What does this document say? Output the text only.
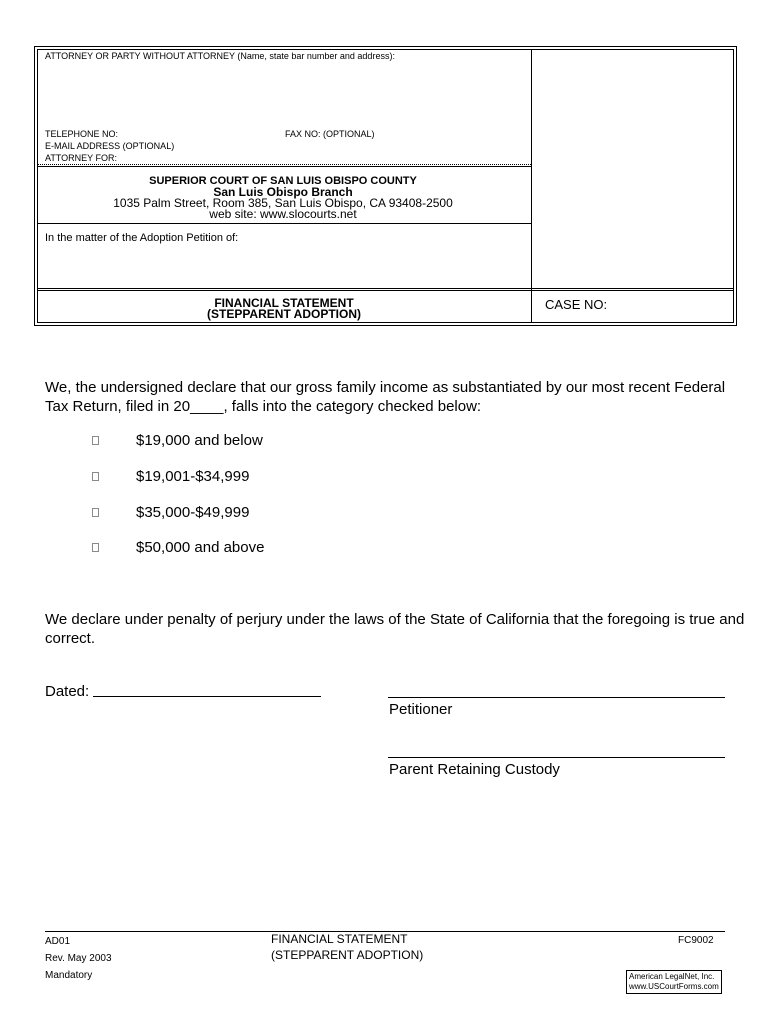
ATTORNEY OR PARTY WITHOUT ATTORNEY (Name, state bar number and address):
TELEPHONE NO:	FAX NO: (OPTIONAL)
E-MAIL ADDRESS (OPTIONAL)
ATTORNEY FOR:
SUPERIOR COURT OF SAN LUIS OBISPO COUNTY
San Luis Obispo Branch
1035 Palm Street, Room 385, San Luis Obispo, CA 93408-2500
web site: www.slocourts.net
In the matter of the Adoption Petition of:
FINANCIAL STATEMENT
(STEPPARENT ADOPTION)
CASE NO:
We, the undersigned declare that our gross family income as substantiated by our most recent Federal
Tax Return, filed in 20____, falls into the category checked below:
$19,000 and below
$19,001-$34,999
$35,000-$49,999
$50,000 and above
We declare under penalty of perjury under the laws of the State of California that the foregoing is true and
correct.
Dated:
Petitioner
Parent Retaining Custody
AD01
Rev. May 2003
Mandatory
FINANCIAL STATEMENT
(STEPPARENT ADOPTION)
FC9002
American LegalNet, Inc.
www.USCourtForms.com
